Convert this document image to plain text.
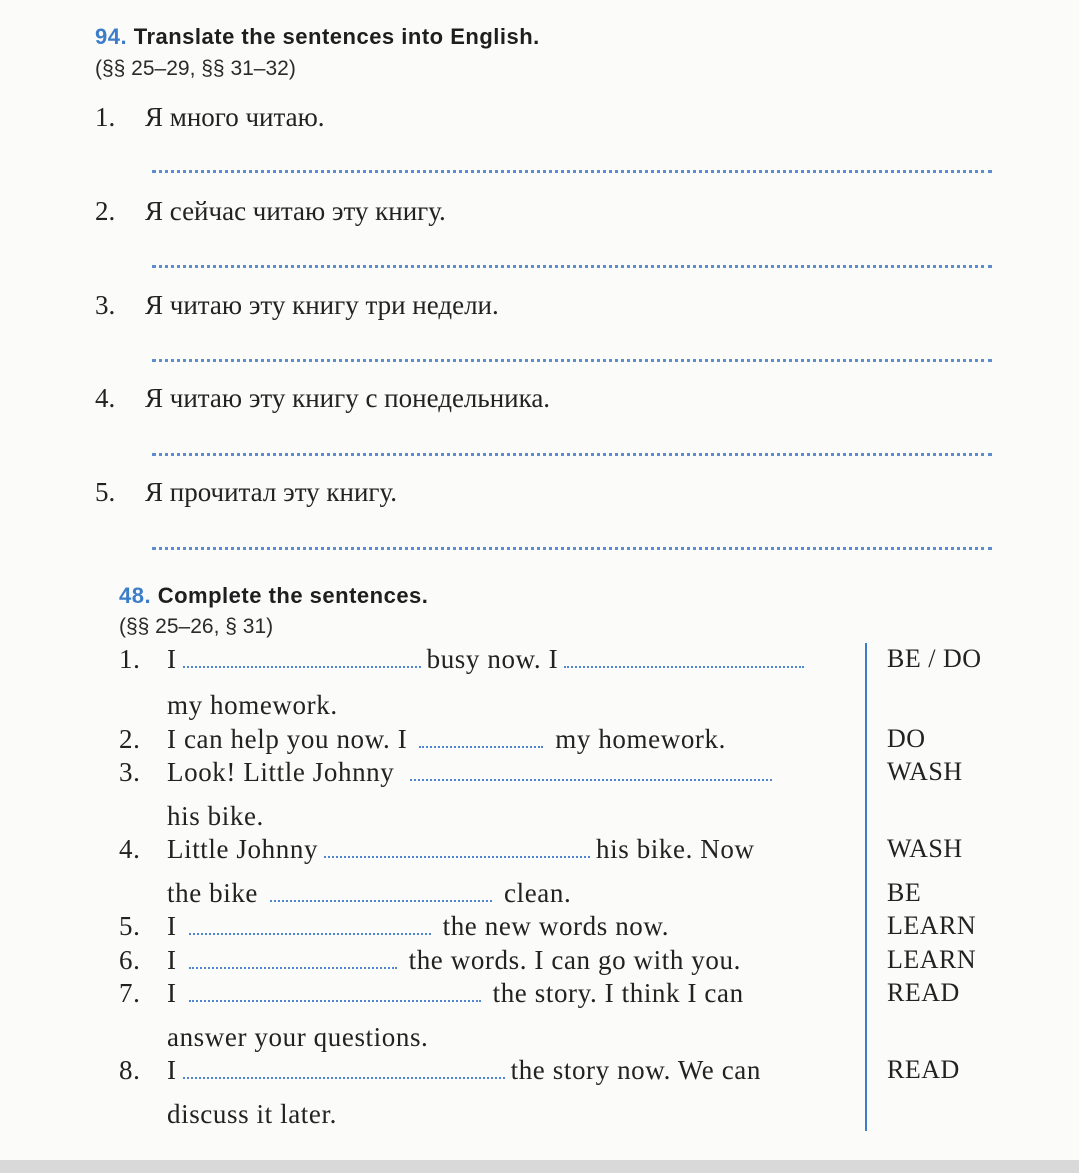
94. Translate the sentences into English.
(§§ 25–29, §§ 31–32)
1. Я много читаю.
2. Я сейчас читаю эту книгу.
3. Я читаю эту книгу три недели.
4. Я читаю эту книгу с понедельника.
5. Я прочитал эту книгу.
48. Complete the sentences.
(§§ 25–26, § 31)
1. I	busy now. I	BE / DO
my homework.
2. I can help you now. I	my homework.	DO
3. Look! Little Johnny	WASH
his bike.
4. Little Johnny	his bike. Now	WASH
the bike	clean.	BE
5. I	the new words now.	LEARN
6. I	the words. I can go with you.	LEARN
7. I	the story. I think I can	READ
answer your questions.
8. I	the story now. We can	READ
discuss it later.
